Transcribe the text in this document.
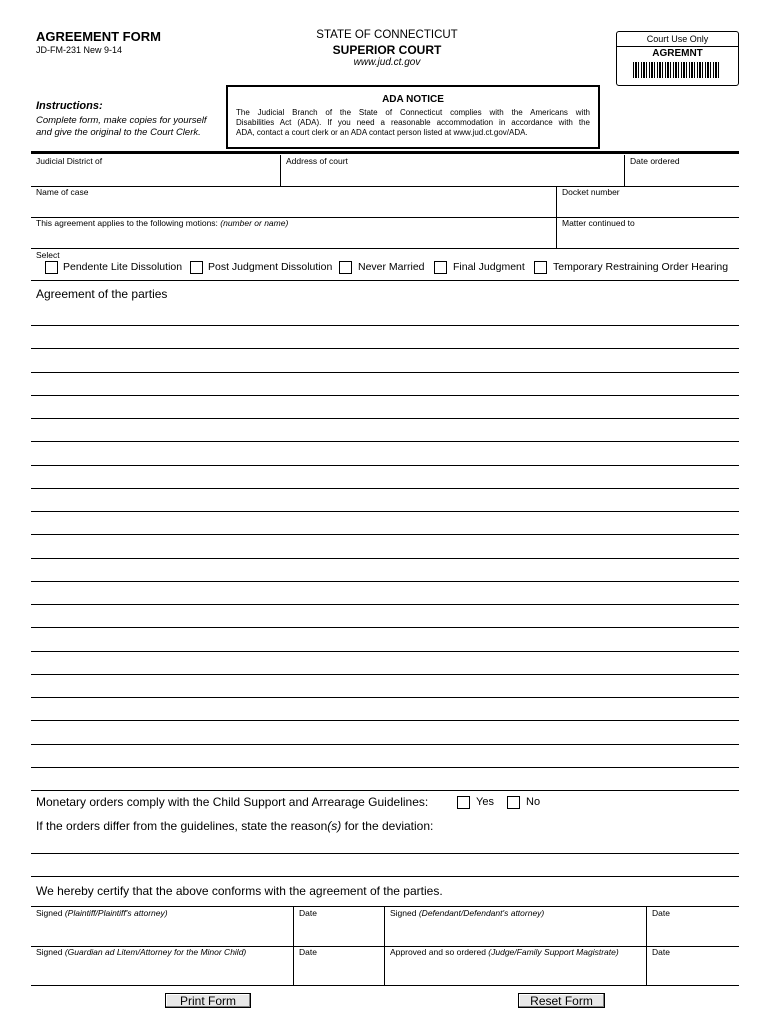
AGREEMENT FORM
JD-FM-231 New 9-14
STATE OF CONNECTICUT
SUPERIOR COURT
www.jud.ct.gov
Court Use Only
AGREMNT
Instructions:
Complete form, make copies for yourself
and give the original to the Court Clerk.
ADA NOTICE
The Judicial Branch of the State of Connecticut complies with the Americans with
Disabilities Act (ADA). If you need a reasonable accommodation in accordance with the
ADA, contact a court clerk or an ADA contact person listed at www.jud.ct.gov/ADA.
Judicial District of	Address of court	Date ordered
Name of case	Docket number
This agreement applies to the following motions: (number or name)	Matter continued to
Select
Pendente Lite Dissolution Post Judgment Dissolution Never Married	Final Judgment	Temporary Restraining Order Hearing
Agreement of the parties
Monetary orders comply with the Child Support and Arrearage Guidelines:	Yes	No
If the orders differ from the guidelines, state the reason(s) for the deviation:
We hereby certify that the above conforms with the agreement of the parties.
Signed (Plaintiff/Plaintiff's attorney)	Date	Signed (Defendant/Defendant's attorney)	Date
Signed (Guardian ad Litem/Attorney for the Minor Child)	Date	Approved and so ordered (Judge/Family Support Magistrate)	Date
Print Form	Reset Form
